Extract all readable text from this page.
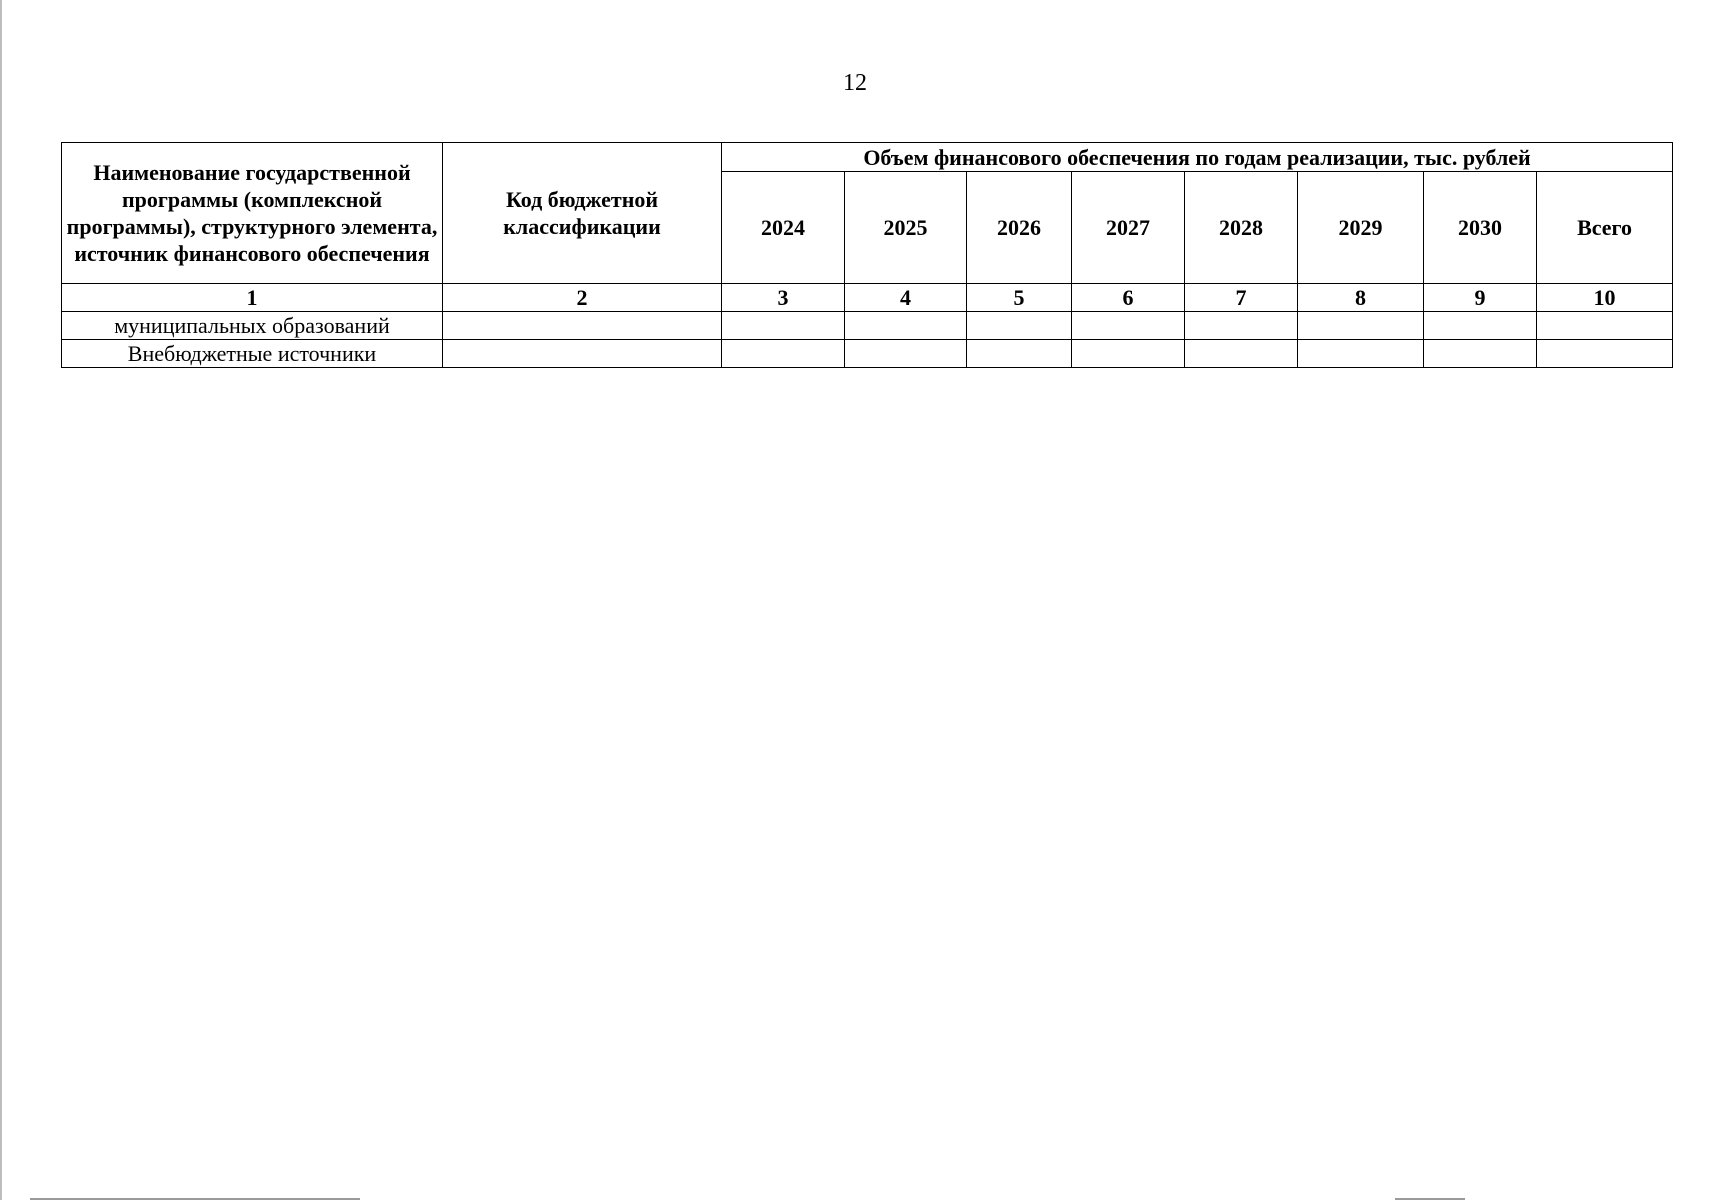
12
Наименование государственной программы (комплексной программы), структурного элемента, источник финансового обеспечения	Код бюджетной классификации	Объем финансового обеспечения по годам реализации, тыс. рублей							
		2024	2025	2026	2027	2028	2029	2030	Всего
1	2	3	4	5	6	7	8	9	10
муниципальных образований									
Внебюджетные источники									
